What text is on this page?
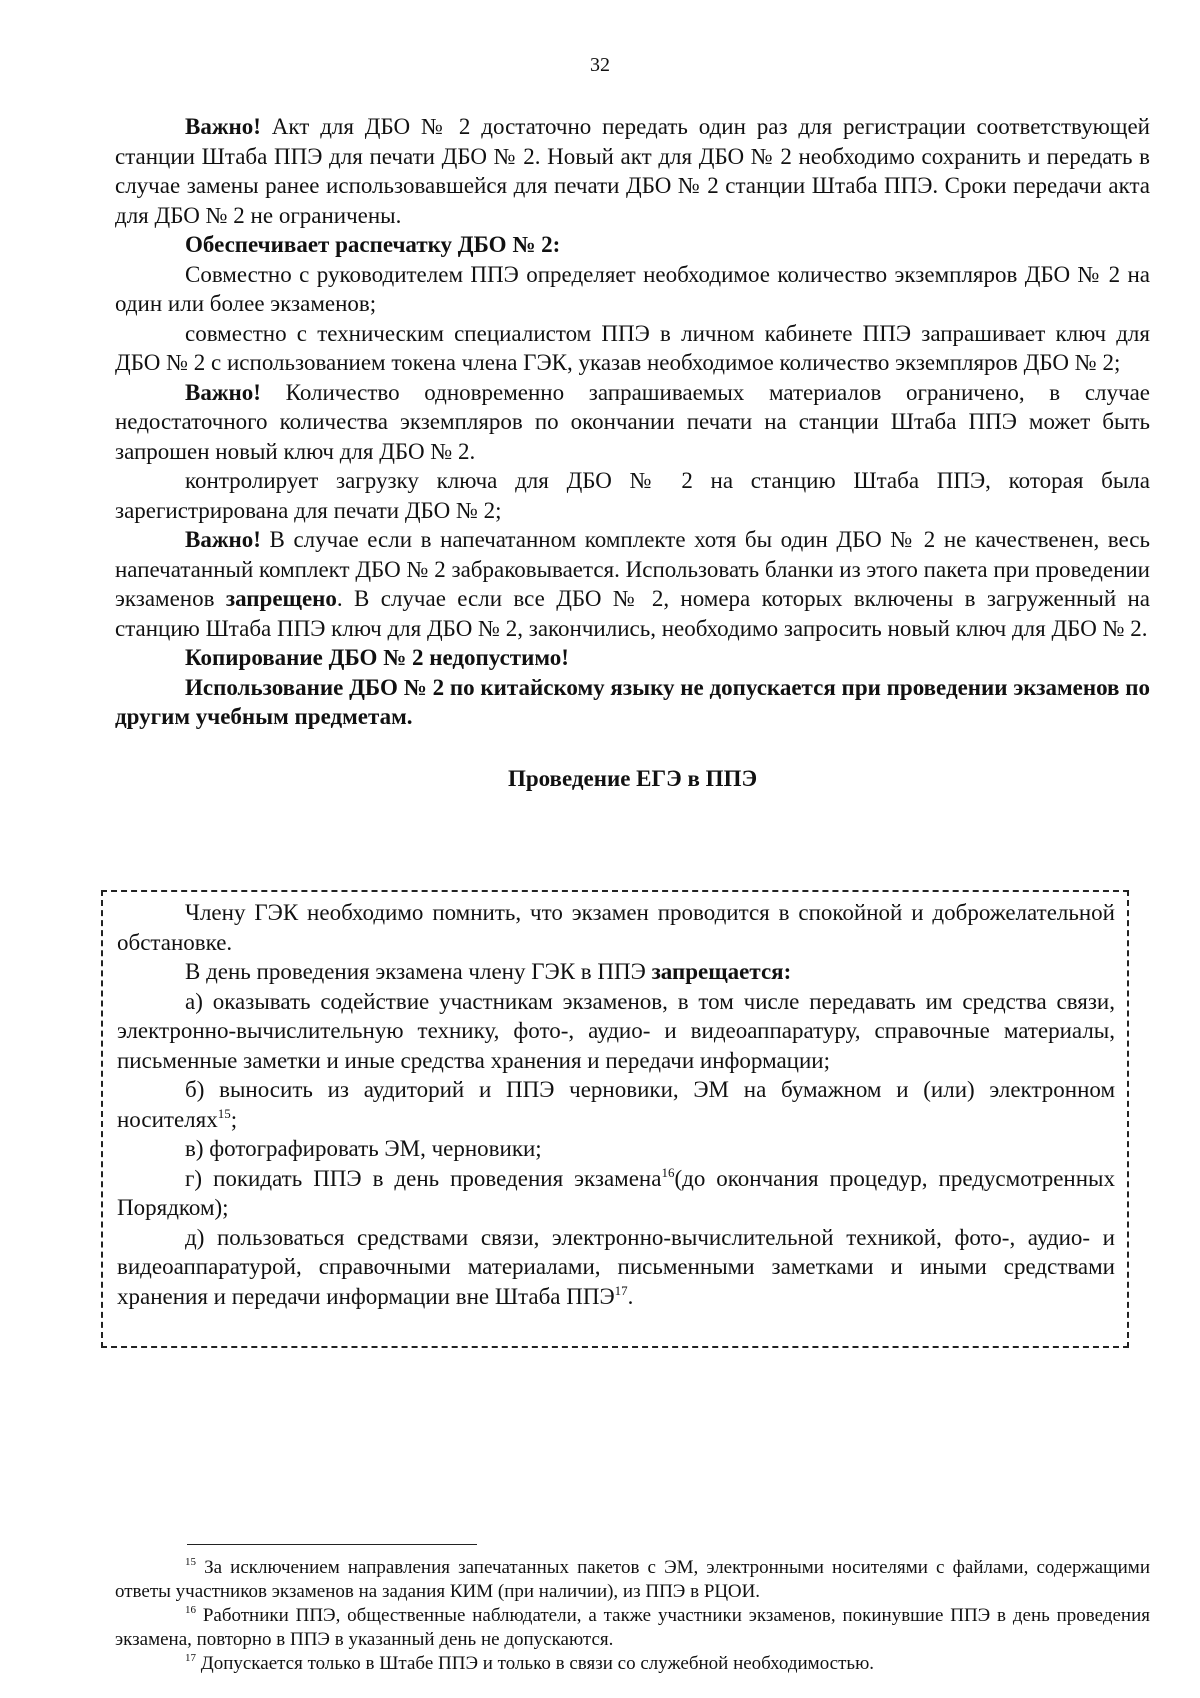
32

Важно! Акт для ДБО № 2 достаточно передать один раз для регистрации соответствующей станции Штаба ППЭ для печати ДБО № 2. Новый акт для ДБО № 2 необходимо сохранить и передать в случае замены ранее использовавшейся для печати ДБО № 2 станции Штаба ППЭ. Сроки передачи акта для ДБО № 2 не ограничены.

Обеспечивает распечатку ДБО № 2:

Совместно с руководителем ППЭ определяет необходимое количество экземпляров ДБО № 2 на один или более экзаменов;

совместно с техническим специалистом ППЭ в личном кабинете ППЭ запрашивает ключ для ДБО № 2 с использованием токена члена ГЭК, указав необходимое количество экземпляров ДБО № 2;

Важно! Количество одновременно запрашиваемых материалов ограничено, в случае недостаточного количества экземпляров по окончании печати на станции Штаба ППЭ может быть запрошен новый ключ для ДБО № 2.

контролирует загрузку ключа для ДБО № 2 на станцию Штаба ППЭ, которая была зарегистрирована для печати ДБО № 2;

Важно! В случае если в напечатанном комплекте хотя бы один ДБО № 2 не качественен, весь напечатанный комплект ДБО № 2 забраковывается. Использовать бланки из этого пакета при проведении экзаменов запрещено. В случае если все ДБО № 2, номера которых включены в загруженный на станцию Штаба ППЭ ключ для ДБО № 2, закончились, необходимо запросить новый ключ для ДБО № 2.

Копирование ДБО № 2 недопустимо!

Использование ДБО № 2 по китайскому языку не допускается при проведении экзаменов по другим учебным предметам.

Проведение ЕГЭ в ППЭ

Члену ГЭК необходимо помнить, что экзамен проводится в спокойной и доброжелательной обстановке.

В день проведения экзамена члену ГЭК в ППЭ запрещается:

а) оказывать содействие участникам экзаменов, в том числе передавать им средства связи, электронно-вычислительную технику, фото-, аудио- и видеоаппаратуру, справочные материалы, письменные заметки и иные средства хранения и передачи информации;

б) выносить из аудиторий и ППЭ черновики, ЭМ на бумажном и (или) электронном носителях$^{15}$;

в) фотографировать ЭМ, черновики;

г) покидать ППЭ в день проведения экзамена$^{16}$(до окончания процедур, предусмотренных Порядком);

д) пользоваться средствами связи, электронно-вычислительной техникой, фото-, аудио- и видеоаппаратурой, справочными материалами, письменными заметками и иными средствами хранения и передачи информации вне Штаба ППЭ$^{17}$.

$^{15}$ За исключением направления запечатанных пакетов с ЭМ, электронными носителями с файлами, содержащими ответы участников экзаменов на задания КИМ (при наличии), из ППЭ в РЦОИ.

$^{16}$ Работники ППЭ, общественные наблюдатели, а также участники экзаменов, покинувшие ППЭ в день проведения экзамена, повторно в ППЭ в указанный день не допускаются.

$^{17}$ Допускается только в Штабе ППЭ и только в связи со служебной необходимостью.
